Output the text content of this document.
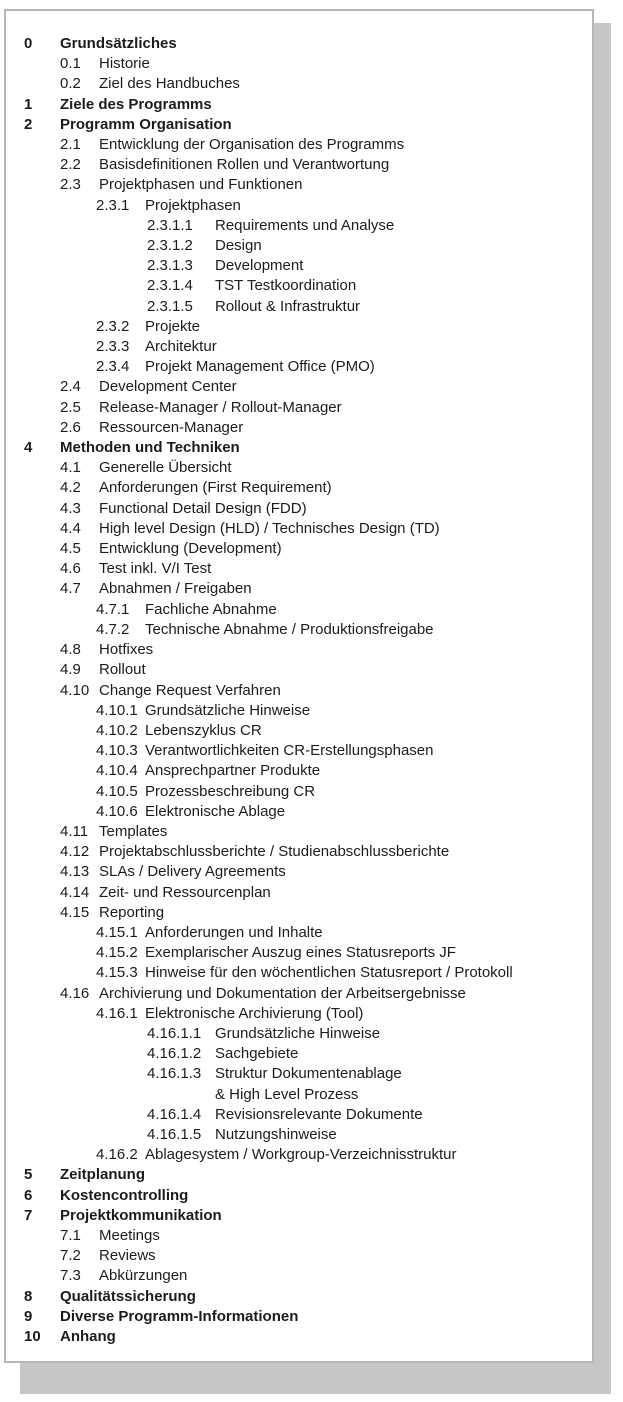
0	Grundsätzliches
0.1	Historie
0.2	Ziel des Handbuches
1	Ziele des Programms
2	Programm Organisation
2.1	Entwicklung der Organisation des Programms
2.2	Basisdefinitionen Rollen und Verantwortung
2.3	Projektphasen und Funktionen
2.3.1	Projektphasen
2.3.1.1	Requirements und Analyse
2.3.1.2	Design
2.3.1.3	Development
2.3.1.4	TST Testkoordination
2.3.1.5	Rollout & Infrastruktur
2.3.2	Projekte
2.3.3	Architektur
2.3.4	Projekt Management Office (PMO)
2.4	Development Center
2.5	Release-Manager / Rollout-Manager
2.6	Ressourcen-Manager
4	Methoden und Techniken
4.1	Generelle Übersicht
4.2	Anforderungen (First Requirement)
4.3	Functional Detail Design (FDD)
4.4	High level Design (HLD) / Technisches Design (TD)
4.5	Entwicklung (Development)
4.6	Test inkl. V/I Test
4.7	Abnahmen / Freigaben
4.7.1	Fachliche Abnahme
4.7.2	Technische Abnahme / Produktionsfreigabe
4.8	Hotfixes
4.9	Rollout
4.10 Change Request Verfahren
4.10.1 Grundsätzliche Hinweise
4.10.2 Lebenszyklus CR
4.10.3 Verantwortlichkeiten CR-Erstellungsphasen
4.10.4 Ansprechpartner Produkte
4.10.5 Prozessbeschreibung CR
4.10.6 Elektronische Ablage
4.11 Templates
4.12 Projektabschlussberichte / Studienabschlussberichte
4.13 SLAs / Delivery Agreements
4.14 Zeit- und Ressourcenplan
4.15 Reporting
4.15.1 Anforderungen und Inhalte
4.15.2 Exemplarischer Auszug eines Statusreports JF
4.15.3 Hinweise für den wöchentlichen Statusreport / Protokoll
4.16 Archivierung und Dokumentation der Arbeitsergebnisse
4.16.1 Elektronische Archivierung (Tool)
4.16.1.1 Grundsätzliche Hinweise
4.16.1.2 Sachgebiete
4.16.1.3 Struktur Dokumentenablage
& High Level Prozess
4.16.1.4 Revisionsrelevante Dokumente
4.16.1.5 Nutzungshinweise
4.16.2 Ablagesystem / Workgroup-Verzeichnisstruktur
5	Zeitplanung
6	Kostencontrolling
7	Projektkommunikation
7.1	Meetings
7.2	Reviews
7.3	Abkürzungen
8	Qualitätssicherung
9	Diverse Programm-Informationen
10	Anhang
